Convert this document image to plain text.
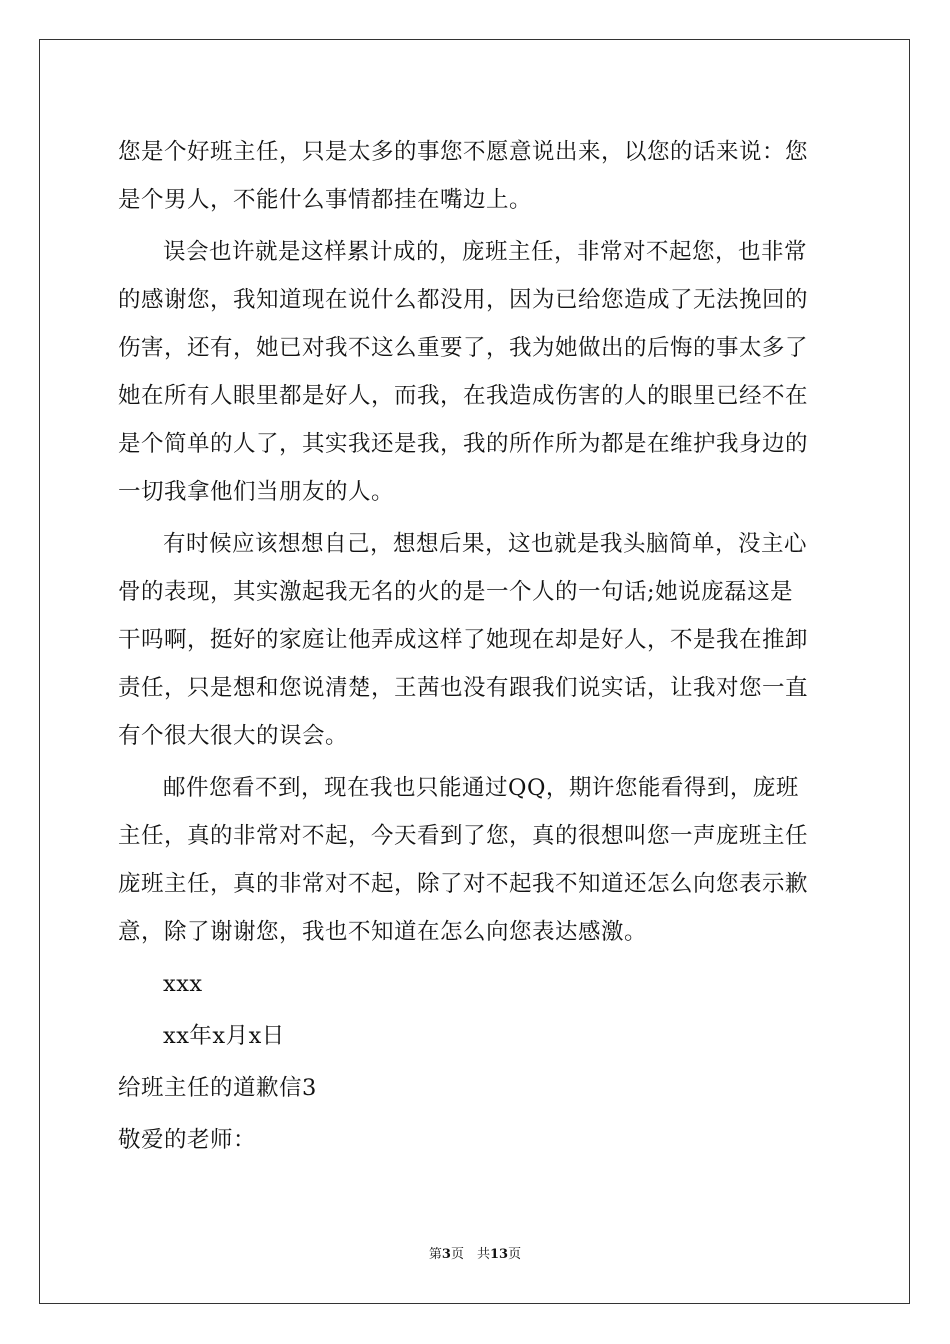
您是个好班主任，只是太多的事您不愿意说出来，以您的话来说：您
是个男人，不能什么事情都挂在嘴边上。
误会也许就是这样累计成的，庞班主任，非常对不起您，也非常
的感谢您，我知道现在说什么都没用，因为已给您造成了无法挽回的
伤害，还有，她已对我不这么重要了，我为她做出的后悔的事太多了
她在所有人眼里都是好人，而我，在我造成伤害的人的眼里已经不在
是个简单的人了，其实我还是我，我的所作所为都是在维护我身边的
一切我拿他们当朋友的人。
有时候应该想想自己，想想后果，这也就是我头脑简单，没主心
骨的表现，其实激起我无名的火的是一个人的一句话;她说庞磊这是
干吗啊，挺好的家庭让他弄成这样了她现在却是好人，不是我在推卸
责任，只是想和您说清楚，王茜也没有跟我们说实话，让我对您一直
有个很大很大的误会。
邮件您看不到，现在我也只能通过QQ，期许您能看得到，庞班
主任，真的非常对不起，今天看到了您，真的很想叫您一声庞班主任
庞班主任，真的非常对不起，除了对不起我不知道还怎么向您表示歉
意，除了谢谢您，我也不知道在怎么向您表达感激。
xxx
xx年x月x日
给班主任的道歉信3
敬爱的老师：
第3页　共13页
